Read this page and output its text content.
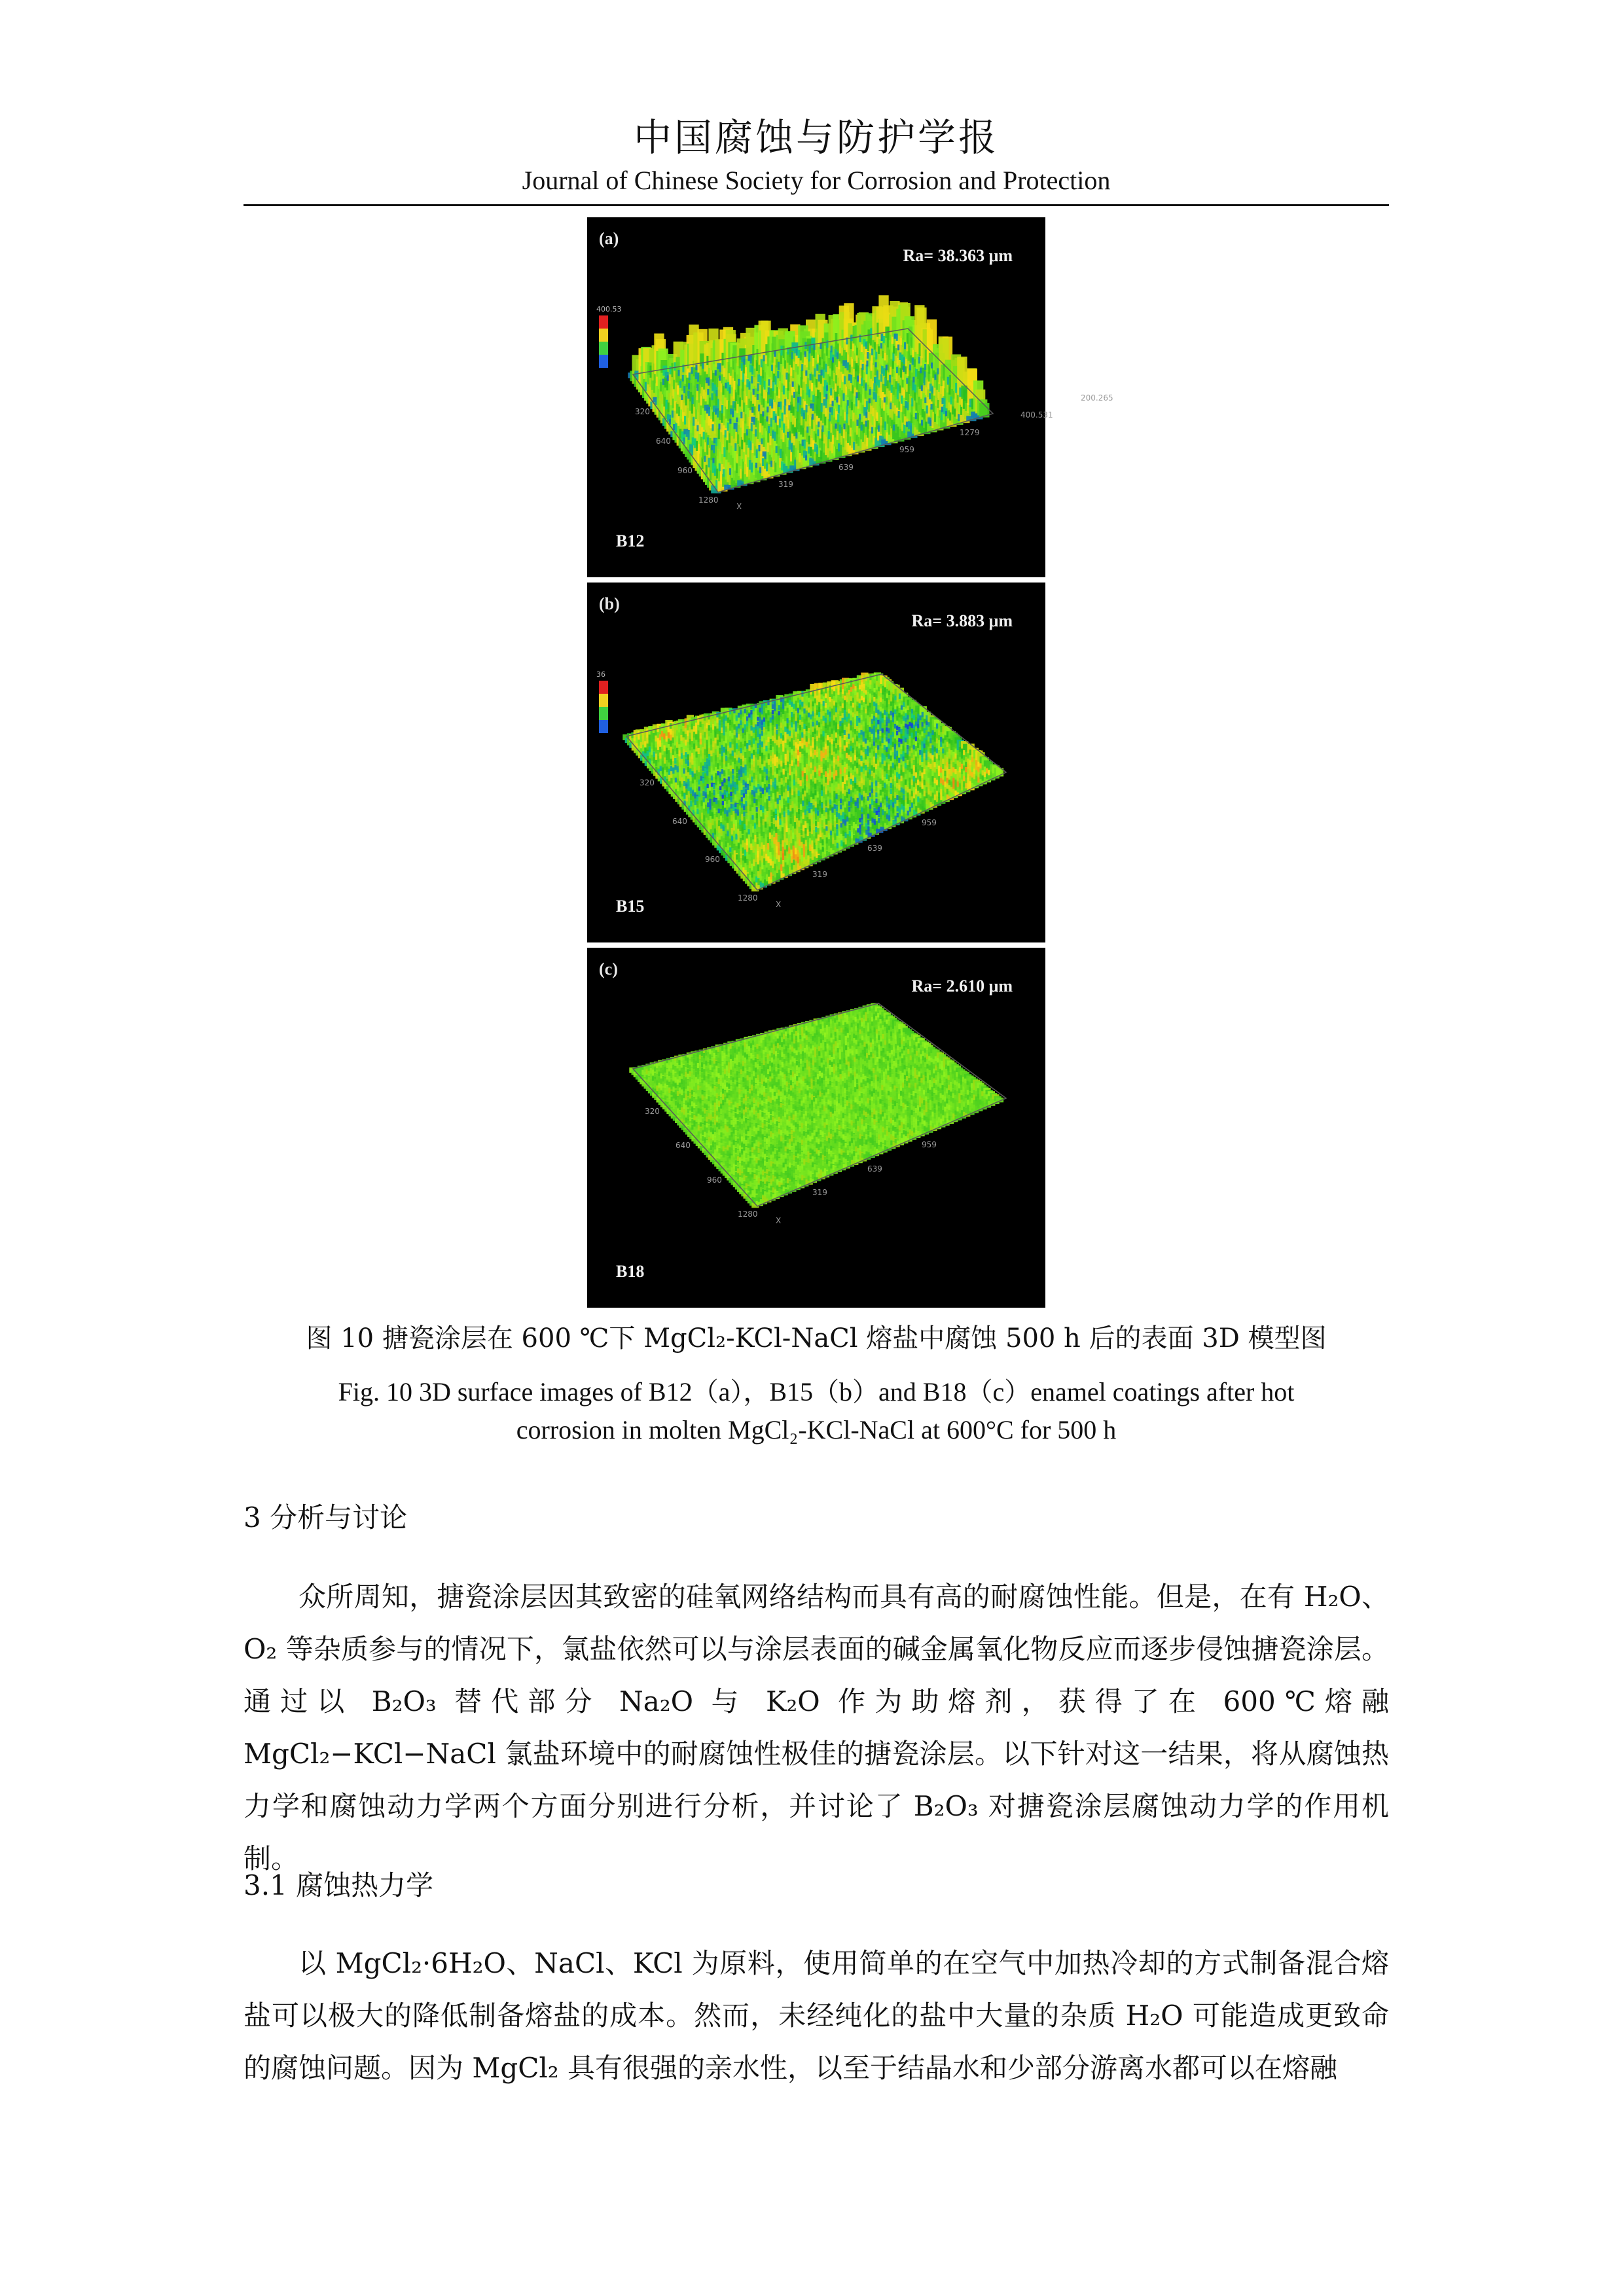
中国腐蚀与防护学报
Journal of Chinese Society for Corrosion and Protection
400.53
320
640
960
1280
319
639
959
1279
400.531
200.265
X
(a)
Ra= 38.363 μm
B12
36
320
640
960
1280
319
639
959
X
(b)
Ra= 3.883 μm
B15
320
640
960
1280
319
639
959
X
(c)
Ra= 2.610 μm
B18
图 10 搪瓷涂层在 600 ℃下 MgCl₂-KCl-NaCl 熔盐中腐蚀 500 h 后的表面 3D 模型图
Fig. 10 3D surface images of B12（a），B15（b）and B18（c）enamel coatings after hot
corrosion in molten MgCl₂-KCl-NaCl at 600°C for 500 h
3 分析与讨论
众所周知，搪瓷涂层因其致密的硅氧网络结构而具有高的耐腐蚀性能。但是，在有 H₂O、O₂ 等杂质参与的情况下，氯盐依然可以与涂层表面的碱金属氧化物反应而逐步侵蚀搪瓷涂层。通过以 B₂O₃ 替代部分 Na₂O 与 K₂O 作为助熔剂，获得了在 600℃熔融 MgCl₂−KCl−NaCl 氯盐环境中的耐腐蚀性极佳的搪瓷涂层。以下针对这一结果，将从腐蚀热力学和腐蚀动力学两个方面分别进行分析，并讨论了 B₂O₃ 对搪瓷涂层腐蚀动力学的作用机制。
3.1 腐蚀热力学
以 MgCl₂·6H₂O、NaCl、KCl 为原料，使用简单的在空气中加热冷却的方式制备混合熔盐可以极大的降低制备熔盐的成本。然而，未经纯化的盐中大量的杂质 H₂O 可能造成更致命的腐蚀问题。因为 MgCl₂ 具有很强的亲水性，以至于结晶水和少部分游离水都可以在熔融
